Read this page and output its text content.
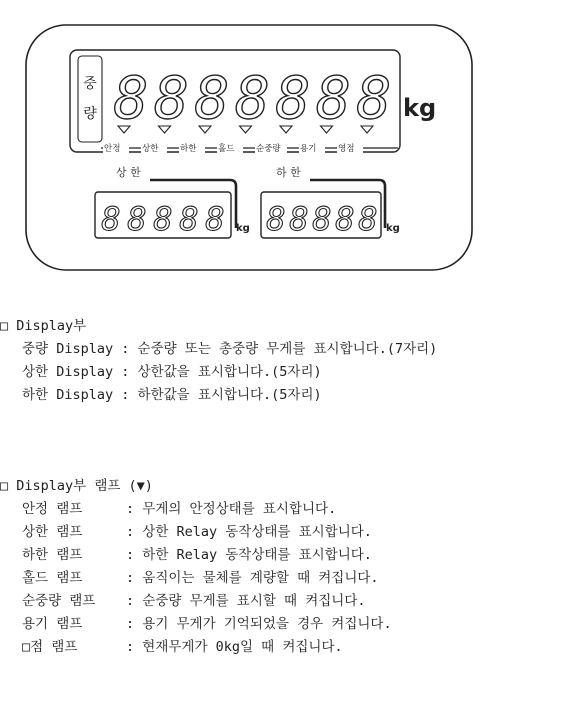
중
량 8 8 8 8 8 8 8 kg
안정	상한	하한	홀드	순중량 용기	영점
상 한
8 8 8 8 8 kg
하 한
8 8 8 8 8 kg
□ Display부
중량 Display : 순중량 또는 총중량 무게를 표시합니다.(7자리)
상한 Display : 상한값을 표시합니다.(5자리)
하한 Display : 하한값을 표시합니다.(5자리)
□ Display부 램프 (▼)
안정 램프	: 무게의 안정상태를 표시합니다.
상한 램프	: 상한 Relay 동작상태를 표시합니다.
하한 램프	: 하한 Relay 동작상태를 표시합니다.
홀드 램프	: 움직이는 물체를 계량할 때 켜집니다.
순중량 램프 : 순중량 무게를 표시할 때 켜집니다.
용기 램프	: 용기 무게가 기억되었을 경우 켜집니다.
□점 램프	: 현재무게가 0kg일 때 켜집니다.
